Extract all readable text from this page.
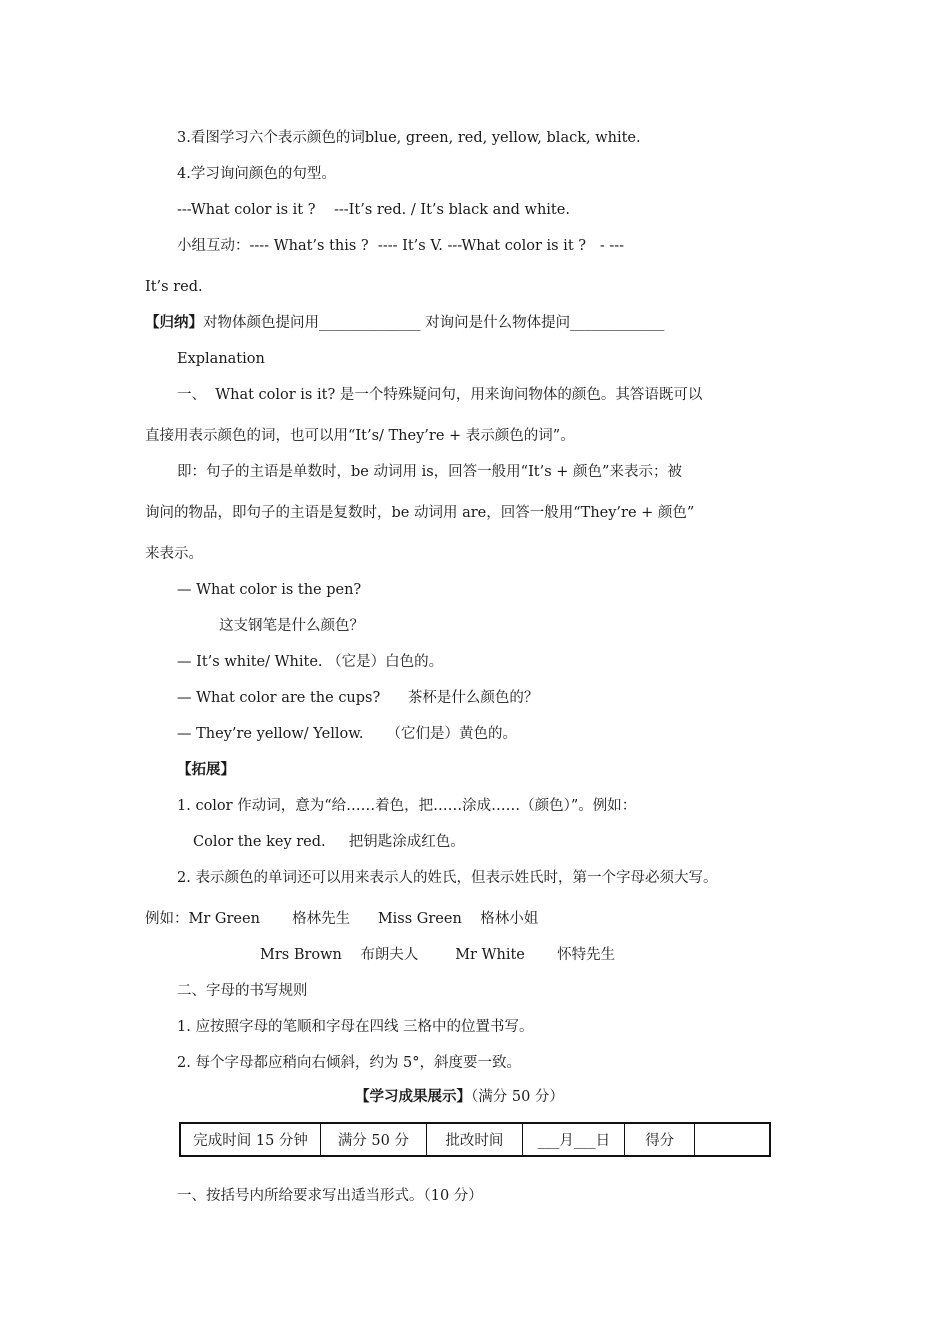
3.看图学习六个表示颜色的词blue, green, red, yellow, black, white.
4.学习询问颜色的句型。
---What color is it ?    ---It’s red. / It’s black and white.
小组互动：---- What’s this ?  ---- It’s V. ---What color is it ?   - ---
It’s red.
【归纳】对物体颜色提问用______________ 对询问是什么物体提问_____________
Explanation
一、  What color is it? 是一个特殊疑问句，用来询问物体的颜色。其答语既可以
直接用表示颜色的词，也可以用“It’s/ They’re + 表示颜色的词”。
即：句子的主语是单数时，be 动词用 is，回答一般用“It’s + 颜色”来表示；被
询问的物品，即句子的主语是复数时，be 动词用 are，回答一般用“They’re + 颜色”
来表示。
— What color is the pen?
这支钢笔是什么颜色？
— It’s white/ White. （它是）白色的。
— What color are the cups?      茶杯是什么颜色的？
— They’re yellow/ Yellow.     （它们是）黄色的。
【拓展】
1. color 作动词，意为“给……着色，把……涂成……（颜色）”。例如：
Color the key red.     把钥匙涂成红色。
2. 表示颜色的单词还可以用来表示人的姓氏，但表示姓氏时，第一个字母必须大写。
例如：Mr Green       格林先生      Miss Green    格林小姐
Mrs Brown    布朗夫人        Mr White       怀特先生
二、字母的书写规则
1. 应按照字母的笔顺和字母在四线 三格中的位置书写。
2. 每个字母都应稍向右倾斜，约为 5°，斜度要一致。
【学习成果展示】（满分 50 分）
完成时间 15 分钟	满分 50 分	批改时间	___月___日	得分	
一、按括号内所给要求写出适当形式。（10 分）
